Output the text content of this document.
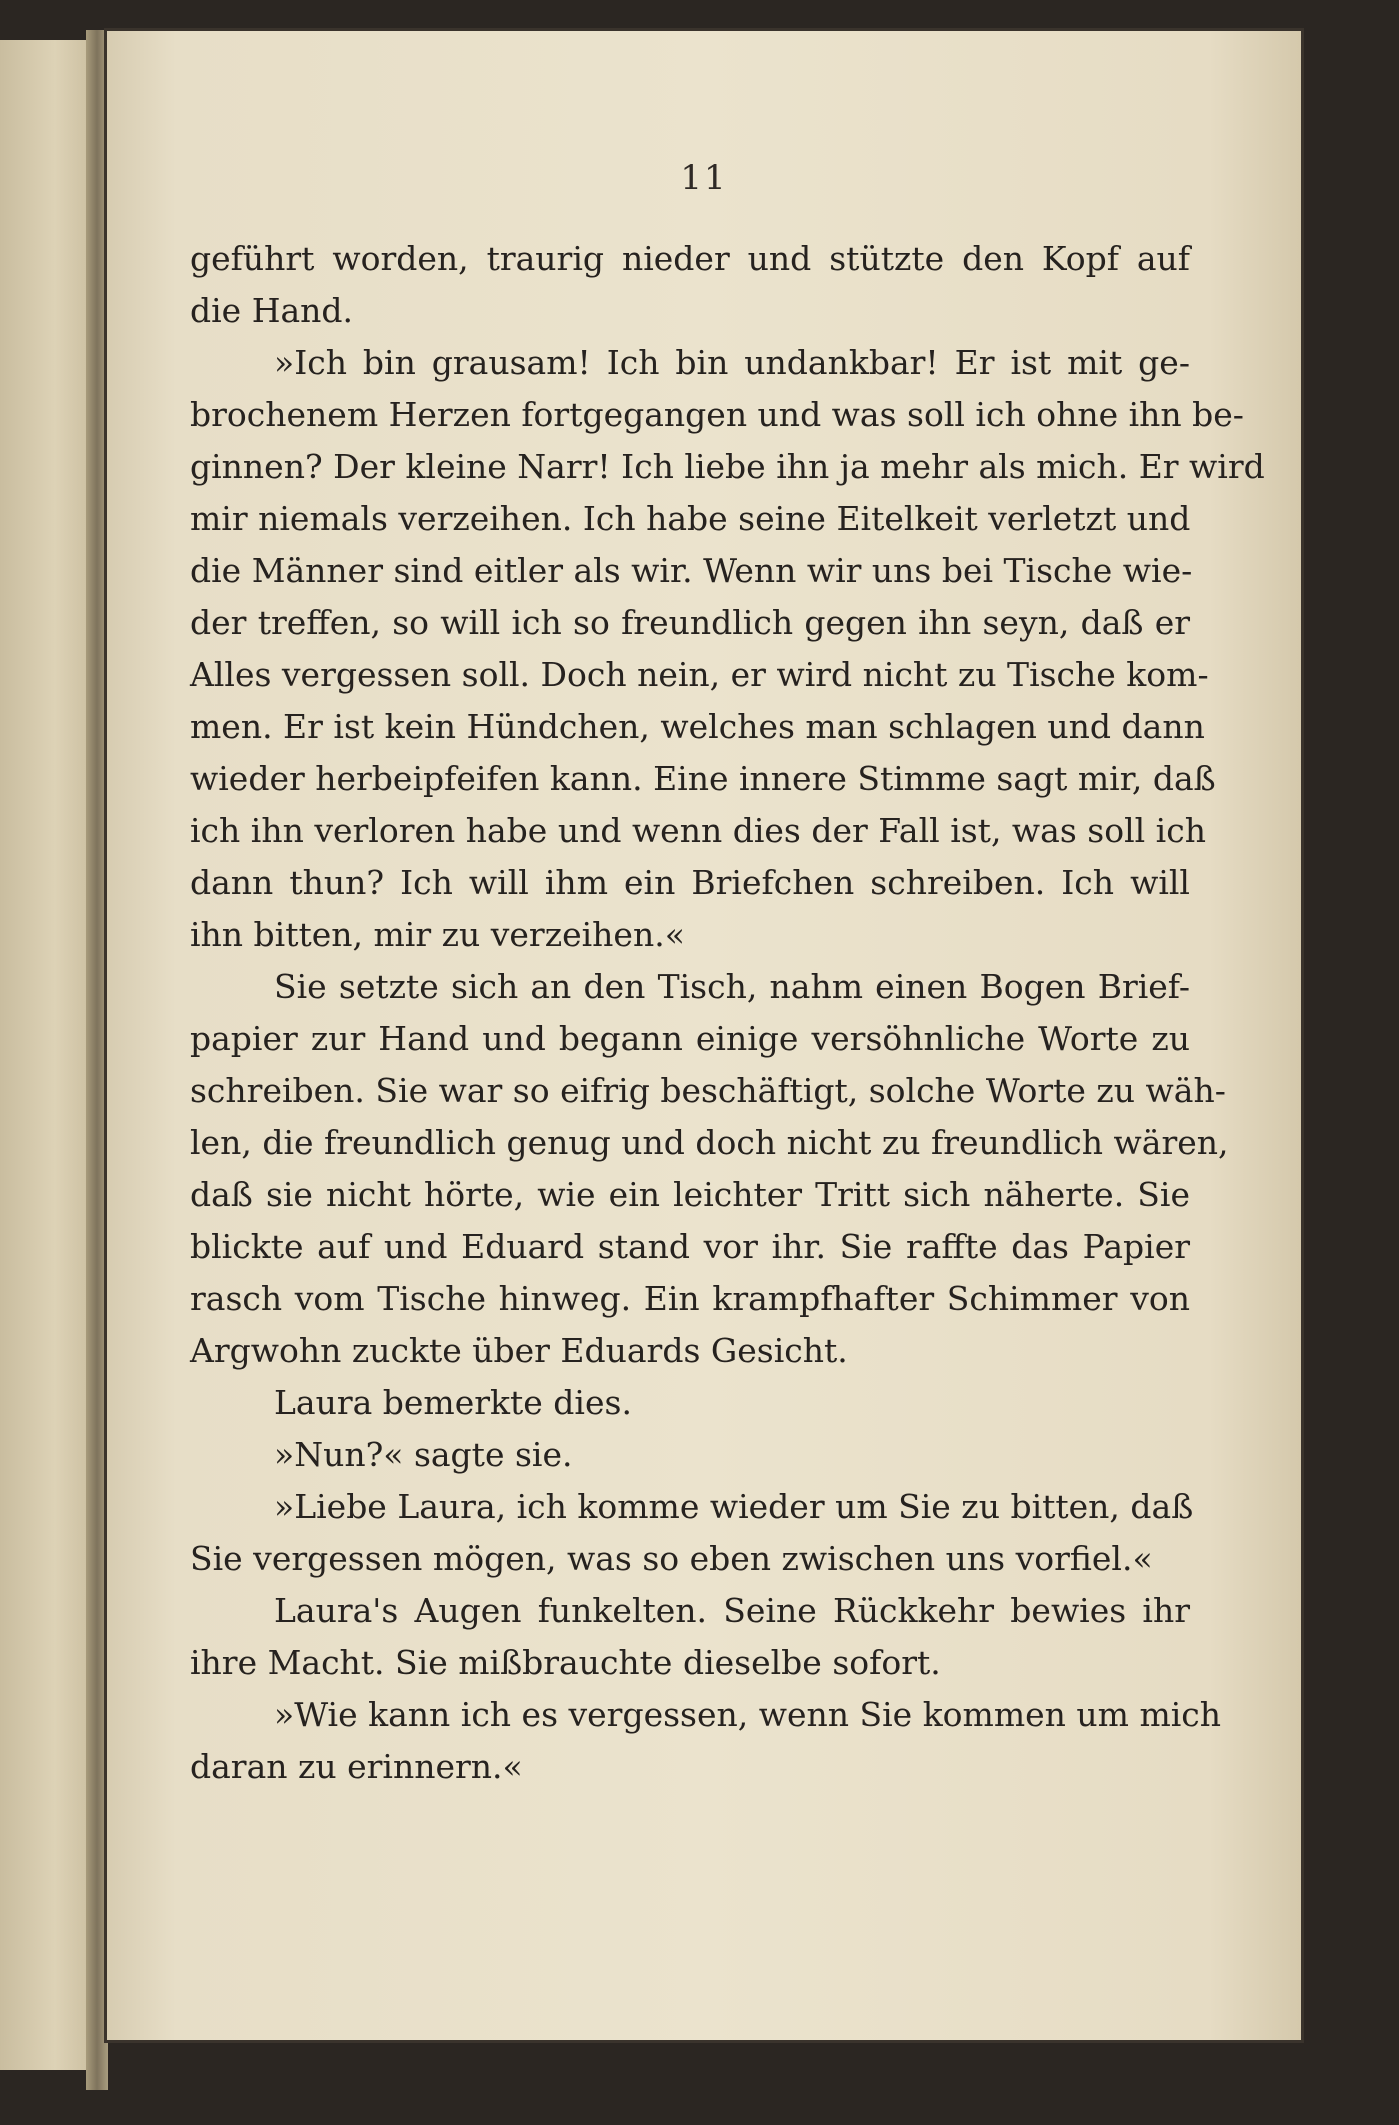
11
geführt worden, traurig nieder und stützte den Kopf auf
die Hand.
»Ich bin grausam! Ich bin undankbar! Er ist mit ge-
brochenem Herzen fortgegangen und was soll ich ohne ihn be-
ginnen? Der kleine Narr! Ich liebe ihn ja mehr als mich. Er wird
mir niemals verzeihen. Ich habe seine Eitelkeit verletzt und
die Männer sind eitler als wir. Wenn wir uns bei Tische wie-
der treffen, so will ich so freundlich gegen ihn seyn, daß er
Alles vergessen soll. Doch nein, er wird nicht zu Tische kom-
men. Er ist kein Hündchen, welches man schlagen und dann
wieder herbeipfeifen kann. Eine innere Stimme sagt mir, daß
ich ihn verloren habe und wenn dies der Fall ist, was soll ich
dann thun? Ich will ihm ein Briefchen schreiben. Ich will
ihn bitten, mir zu verzeihen.«
Sie setzte sich an den Tisch, nahm einen Bogen Brief-
papier zur Hand und begann einige versöhnliche Worte zu
schreiben. Sie war so eifrig beschäftigt, solche Worte zu wäh-
len, die freundlich genug und doch nicht zu freundlich wären,
daß sie nicht hörte, wie ein leichter Tritt sich näherte. Sie
blickte auf und Eduard stand vor ihr. Sie raffte das Papier
rasch vom Tische hinweg. Ein krampfhafter Schimmer von
Argwohn zuckte über Eduards Gesicht.
Laura bemerkte dies.
»Nun?« sagte sie.
»Liebe Laura, ich komme wieder um Sie zu bitten, daß
Sie vergessen mögen, was so eben zwischen uns vorfiel.«
Laura's Augen funkelten. Seine Rückkehr bewies ihr
ihre Macht. Sie mißbrauchte dieselbe sofort.
»Wie kann ich es vergessen, wenn Sie kommen um mich
daran zu erinnern.«
